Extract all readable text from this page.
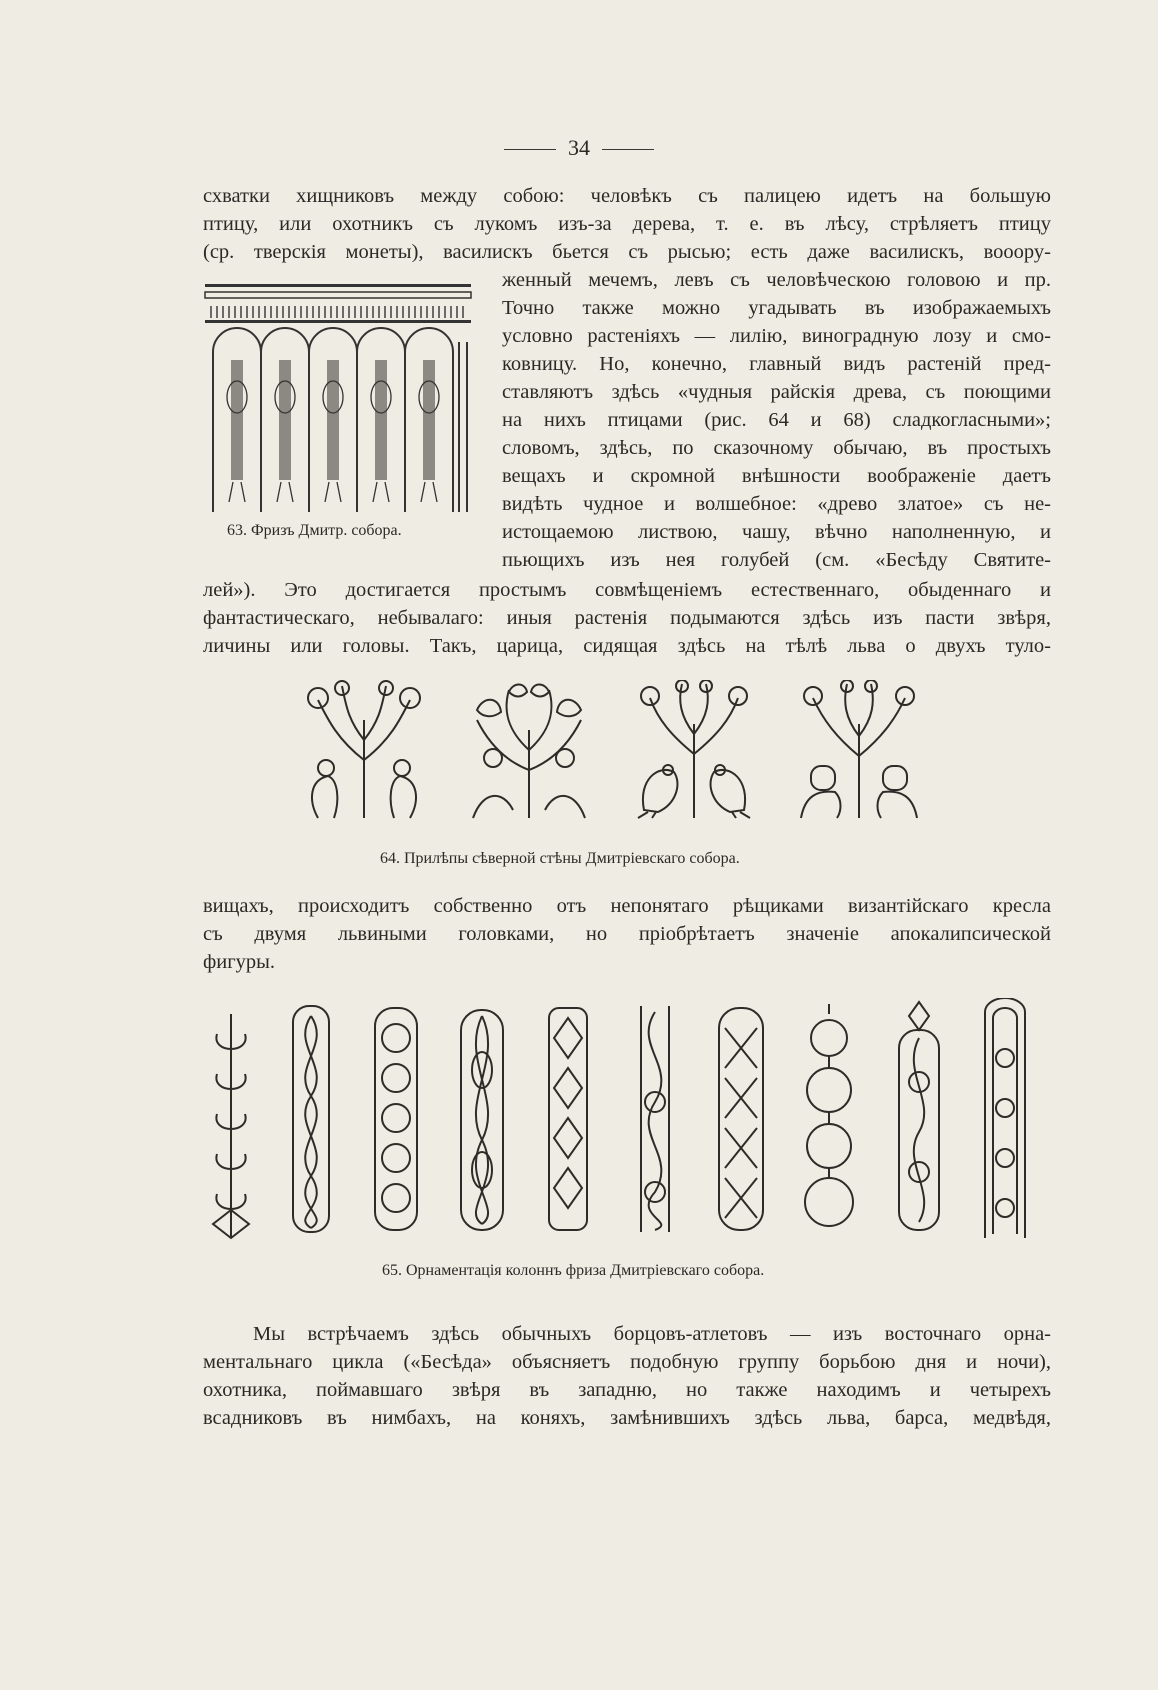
34
схватки хищниковъ между собою: человѣкъ съ палицею идетъ на большую
птицу, или охотникъ съ лукомъ изъ-за дерева, т. е. въ лѣсу, стрѣляетъ птицу
(ср. тверскія монеты), василискъ бьется съ рысью; есть даже василискъ, вооору-
63. Фризъ Дмитр. собора.
женный мечемъ, левъ съ человѣческою головою и пр.
Точно также можно угадывать въ изображаемыхъ
условно растеніяхъ — лилію, виноградную лозу и смо-
ковницу. Но, конечно, главный видъ растеній пред-
ставляютъ здѣсь «чудныя райскія древа, съ поющими
на нихъ птицами (рис. 64 и 68) сладкогласными»;
словомъ, здѣсь, по сказочному обычаю, въ простыхъ
вещахъ и скромной внѣшности воображеніе даетъ
видѣть чудное и волшебное: «древо златое» съ не-
истощаемою листвою, чашу, вѣчно наполненную, и
пьющихъ изъ нея голубей (см. «Бесѣду Святите-
лей»). Это достигается простымъ совмѣщеніемъ естественнаго, обыденнаго и
фантастическаго, небывалаго: иныя растенія подымаются здѣсь изъ пасти звѣря,
личины или головы. Такъ, царица, сидящая здѣсь на тѣлѣ льва о двухъ туло-
64. Прилѣпы сѣверной стѣны Дмитріевскаго собора.
вищахъ, происходитъ собственно отъ непонятаго рѣщиками византійскаго кресла
съ двумя львиными головками, но пріобрѣтаетъ значеніе апокалипсической
фигуры.
65. Орнаментація колоннъ фриза Дмитріевскаго собора.
Мы встрѣчаемъ здѣсь обычныхъ борцовъ-атлетовъ — изъ восточнаго орна-
ментальнаго цикла («Бесѣда» объясняетъ подобную группу борьбою дня и ночи),
охотника, поймавшаго звѣря въ западню, но также находимъ и четырехъ
всадниковъ въ нимбахъ, на коняхъ, замѣнившихъ здѣсь льва, барса, медвѣдя,
